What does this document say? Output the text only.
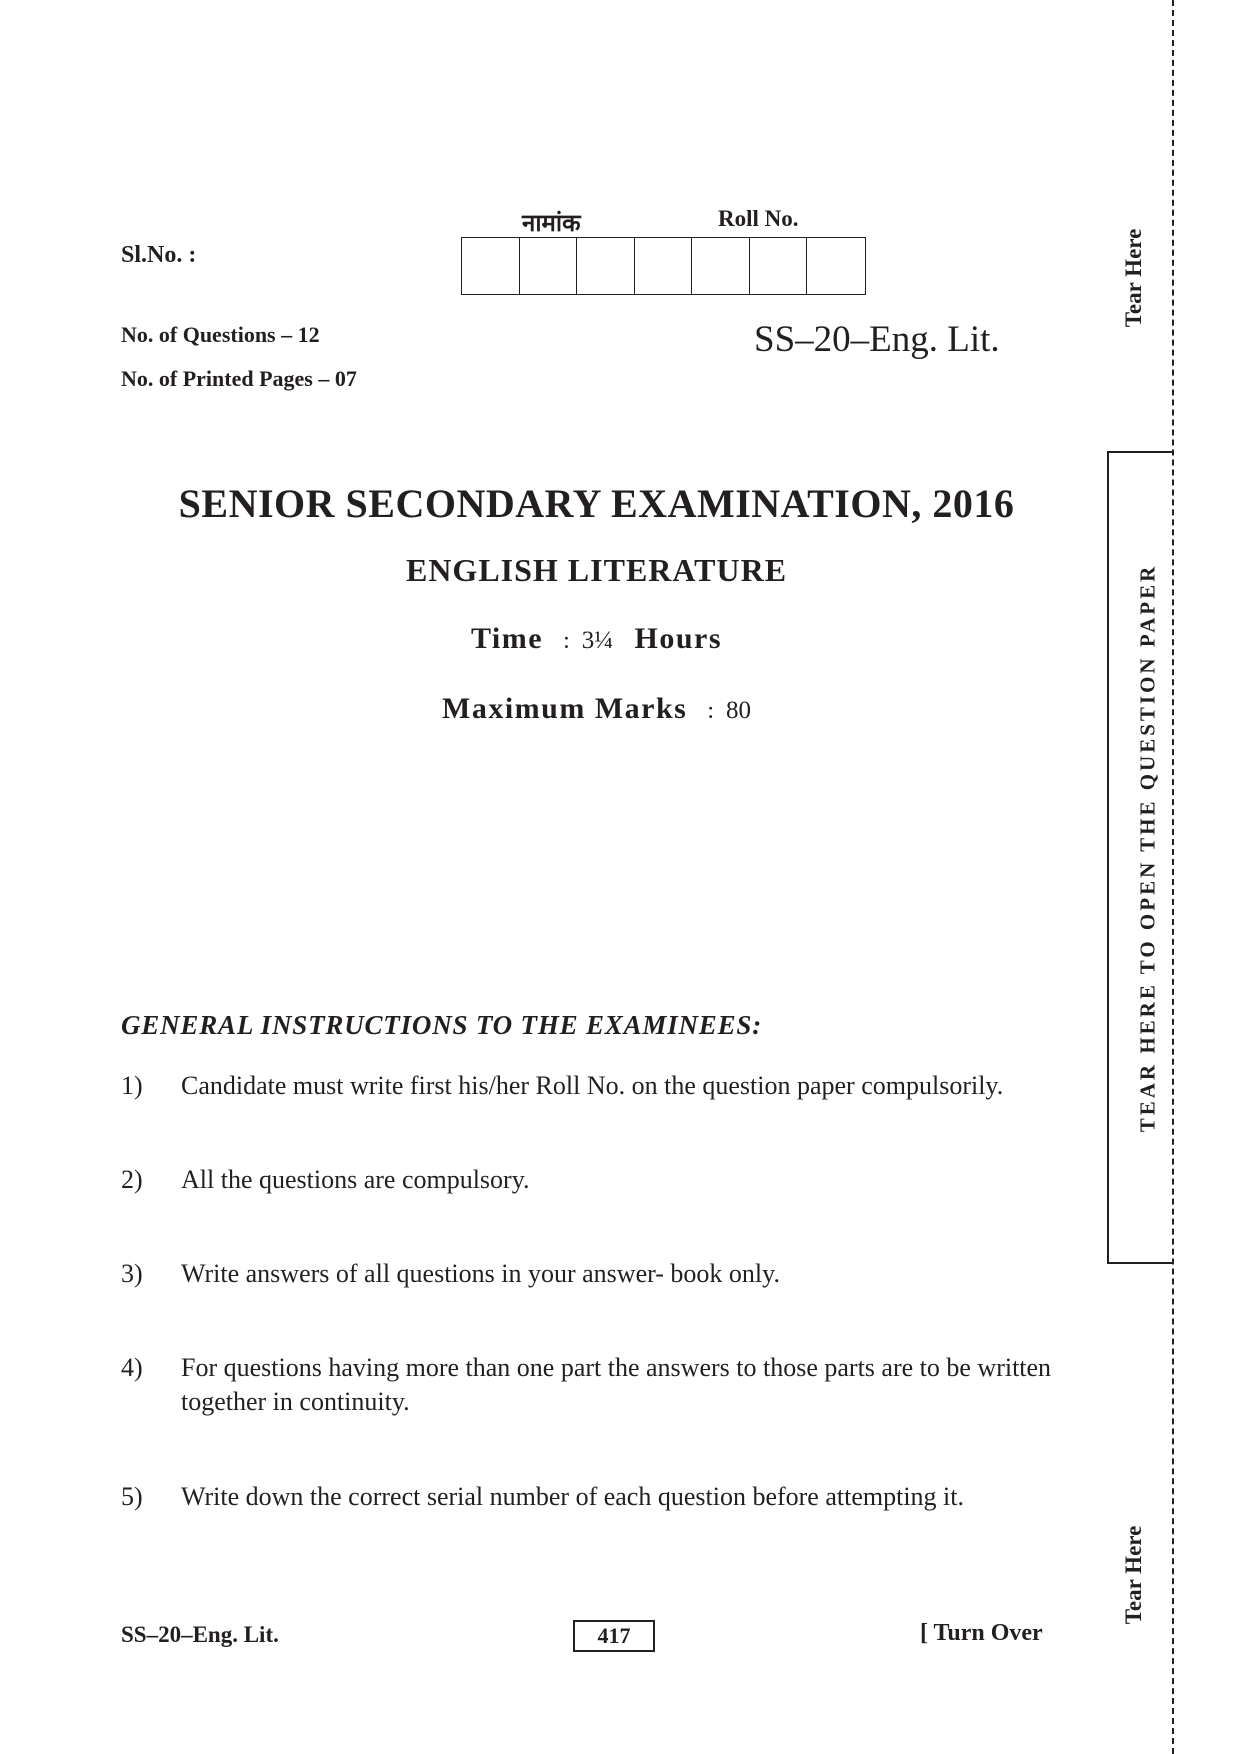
Sl.No. :
नामांक	Roll No.
No. of Questions – 12
No. of Printed Pages – 07
SS–20–Eng. Lit.
SENIOR SECONDARY EXAMINATION, 2016
ENGLISH LITERATURE
Time : 3¼ Hours
Maximum Marks : 80
GENERAL INSTRUCTIONS TO THE EXAMINEES:
1)	Candidate must write first his/her Roll No. on the question paper compulsorily.
2)	All the questions are compulsory.
3)	Write answers of all questions in your answer- book only.
4)	For questions having more than one part the answers to those parts are to be written together in continuity.
5)	Write down the correct serial number of each question before attempting it.
SS–20–Eng. Lit.	417	[ Turn Over
Tear Here
TEAR HERE TO OPEN THE QUESTION PAPER
Tear Here
